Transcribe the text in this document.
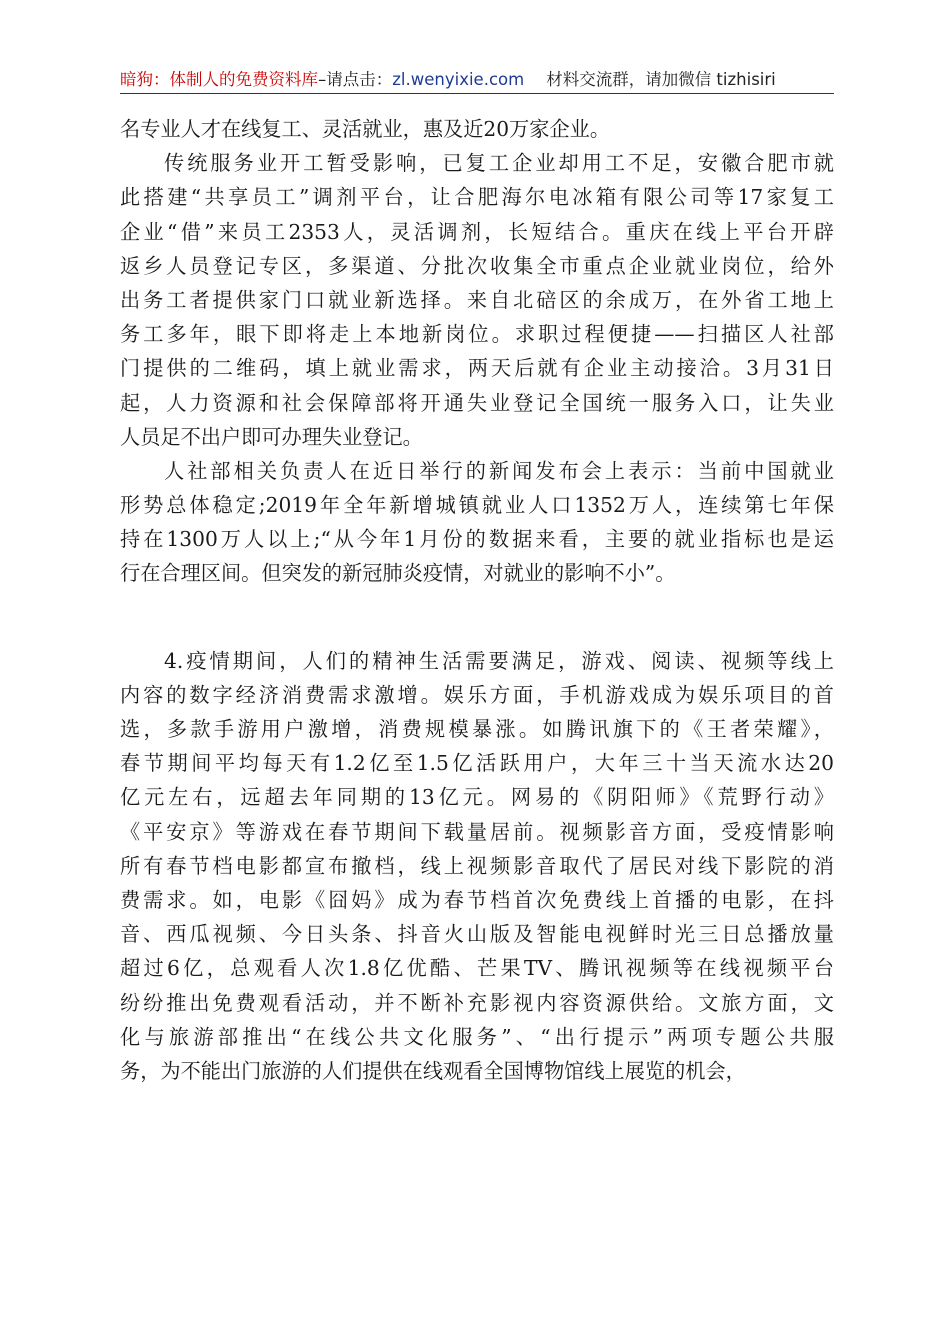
暗狗：体制人的免费资料库–请点击：zl.wenyixie.com 材料交流群，请加微信 tizhisiri
名专业人才在线复工、灵活就业，惠及近20万家企业。
传统服务业开工暂受影响，已复工企业却用工不足，安徽合肥市就
此搭建“共享员工”调剂平台，让合肥海尔电冰箱有限公司等17家复工
企业“借”来员工2353人，灵活调剂，长短结合。重庆在线上平台开辟
返乡人员登记专区，多渠道、分批次收集全市重点企业就业岗位，给外
出务工者提供家门口就业新选择。来自北碚区的余成万，在外省工地上
务工多年，眼下即将走上本地新岗位。求职过程便捷——扫描区人社部
门提供的二维码，填上就业需求，两天后就有企业主动接洽。3月31日
起，人力资源和社会保障部将开通失业登记全国统一服务入口，让失业
人员足不出户即可办理失业登记。
人社部相关负责人在近日举行的新闻发布会上表示：当前中国就业
形势总体稳定;2019年全年新增城镇就业人口1352万人，连续第七年保
持在1300万人以上;“从今年1月份的数据来看，主要的就业指标也是运
行在合理区间。但突发的新冠肺炎疫情，对就业的影响不小”。
4.疫情期间，人们的精神生活需要满足，游戏、阅读、视频等线上
内容的数字经济消费需求激增。娱乐方面，手机游戏成为娱乐项目的首
选，多款手游用户激增，消费规模暴涨。如腾讯旗下的《王者荣耀》，
春节期间平均每天有1.2亿至1.5亿活跃用户，大年三十当天流水达20
亿元左右，远超去年同期的13亿元。网易的《阴阳师》《荒野行动》
《平安京》等游戏在春节期间下载量居前。视频影音方面，受疫情影响
所有春节档电影都宣布撤档，线上视频影音取代了居民对线下影院的消
费需求。如，电影《囧妈》成为春节档首次免费线上首播的电影，在抖
音、西瓜视频、今日头条、抖音火山版及智能电视鲜时光三日总播放量
超过6亿，总观看人次1.8亿优酷、芒果TV、腾讯视频等在线视频平台
纷纷推出免费观看活动，并不断补充影视内容资源供给。文旅方面，文
化与旅游部推出“在线公共文化服务”、“出行提示”两项专题公共服
务，为不能出门旅游的人们提供在线观看全国博物馆线上展览的机会，
